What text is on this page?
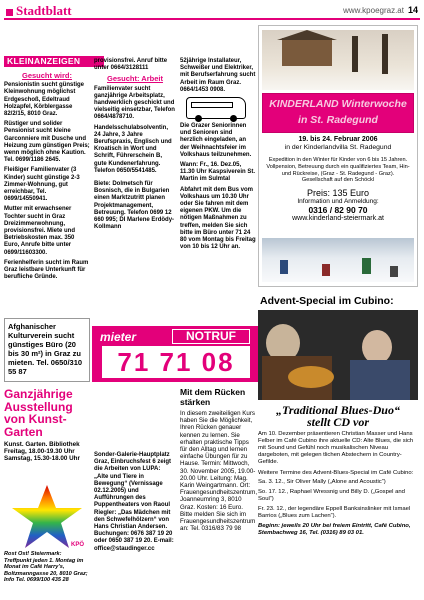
Stadtblatt	www.kpoegraz.at 14
KLEINANZEIGEN
Gesucht wird:

Pensionistin sucht günstige Kleinwohnung möglichst Erdgeschoß, Edeltraud Holzapfel, Körblergasse 82/2/15, 8010 Graz.

Rüstiger und solider Pensionist sucht kleine Garconniere mit Dusche und Heizung zum günstigen Preis; wenn möglich ohne Kaution. Tel. 0699/1186 2645.

Fleißiger Familienvater (3 Kinder) sucht günstige 2-3 Zimmer-Wohnung, gut erreichbar, Tel. 0699/14550941.

Mutter mit erwachsener Tochter sucht in Graz Dreizimmerwohnung, provisionsfrei. Miete und Betriebskosten max. 350 Euro, Anrufe bitte unter 0699/11603300.

Ferienhelferin sucht im Raum Graz leistbare Unterkunft für berufliche Gründe.

provisionsfrei. Anruf bitte unter 0664/3128111

Gesucht: Arbeit

Familienvater sucht ganzjährige Arbeitsplatz, handwerklich geschickt und vielseitig einsetzbar, Telefon 0664/4878710.

Handelsschulabsolventin, 24 Jahre, 3 Jahre Berufspraxis, Englisch und Kroatisch in Wort und Schrift, Führerschein B, gute Kundenerfahrung. Telefon 0650/5541485.

Biete: Dolmetsch für Bosnisch, die in Bulgarien einen Marktzutritt planen Projektmanagement, Betreuung. Telefon 0699 12 660 995; DI Marlene Erdödy-Kollmann

52jährige Installateur, Schweißer und Elektriker, mit Berufserfahrung sucht Arbeit im Raum Graz. 0664/1453 0908.

Die Grazer Seniorinnen und Senioren sind herzlich eingeladen, an der Weihnachtsfeier im Volkshaus teilzunehmen.

Wann: Fr., 16. Dez.05, 11.30 Uhr Kaspsiverein St. Martin im Sulmtal

Abfahrt mit dem Bus vom Volkshaus um 10.30 Uhr oder Sie fahren mit dem eigenen PKW. Um die nötigen Maßnahmen zu treffen, melden Sie sich bitte im Büro unter 71 24 80 vom Montag bis Freitag von 10 bis 12 Uhr an.

Afghanischer Kulturverein sucht günstiges Büro (20 bis 30 m²) in Graz zu mieten. Tel. 0650/310 55 87
mieter	NOTRUF
71 71 08
Ganzjährige Ausstellung von Kunst-Garten
Kunst. Garten. Bibliothek Freitag, 18.00-19.30 Uhr Samstag, 15.30-18.00 Uhr
KPÖ
Rost Ost! Steiermark: Treffpunkt jeden 1. Montag im Monat im Café Harry's, Boltzmanngasse 20, 8010 Graz; Info Tel. 0699/100 435 28
Sonder-Galerie-Hauptplatz Graz, Einbruchsfest 6 zeigt die Arbeiten von LUPA: „Alte und Tiere in Bewegung“ (Vernissage 02.12.2005) und Aufführungen des Puppentheaters von Raoul Riegler: „Das Mädchen mit den Schwefelhölzern“ von Hans Christian Andersen. Buchungen: 0676 387 19 20 oder 0650 387 19 20. E-mail: office@staudinger.cc
Mit dem Rücken stärken
In diesem zweiteiligen Kurs haben Sie die Möglichkeit, Ihren Rücken genauer kennen zu lernen. Sie erhalten praktische Tipps für den Alltag und lernen einfache Übungen für zu Hause. Termin: Mittwoch, 30. November 2005, 19.00-20.00 Uhr. Leitung: Mag. Karin Weingartmann. Ort: Frauengesundheitszentrum, Joanneumring 3, 8010 Graz. Kosten: 16 Euro. Bitte melden Sie sich im Frauengesundheitszentrum an: Tel. 0316/83 79 98
KINDERLAND Winterwoche
in St. Radegund
19. bis 24. Februar 2006
in der Kinderlandvilla St. Radegund
Expedition in den Winter für Kinder von 6 bis 15 Jahren. Vollpension, Betreuung durch ein qualifiziertes Team, Hin- und Rückreise, (Graz - St. Radegund - Graz). Gesellschaft auf den Schöckl
Preis: 135 Euro
Information und Anmeldung:
0316 / 82 90 70
www.kinderland-steiermark.at
Advent-Special im Cubino:
„Traditional Blues-Duo“
stellt CD vor

Am 10. Dezember präsentieren Christian Masser und Hans Felber im Café Cubino ihre aktuelle CD: Alte Blues, die sich mit Sound und Gefühl noch musikalischen Niveau dargeboten, mit gelegen tlichen Abstechern in Country-Gefilde.

Weitere Termine des Advent-Blues-Special im Café Cubino:

Sa. 3. 12., Sir Oliver Mally („Alone and Acoustic“)

So. 17. 12., Raphael Wressnig und Billy D. („Gospel and Soul“)

Fr. 23. 12., der legendäre Eppell Banksinslinker mit Ismael Barrios („Blues zum Lachen“).

Beginn: jeweils 20 Uhr bei freiem Eintritt, Café Cubino, Stembachweg 16, Tel. (0316) 89 03 01.
